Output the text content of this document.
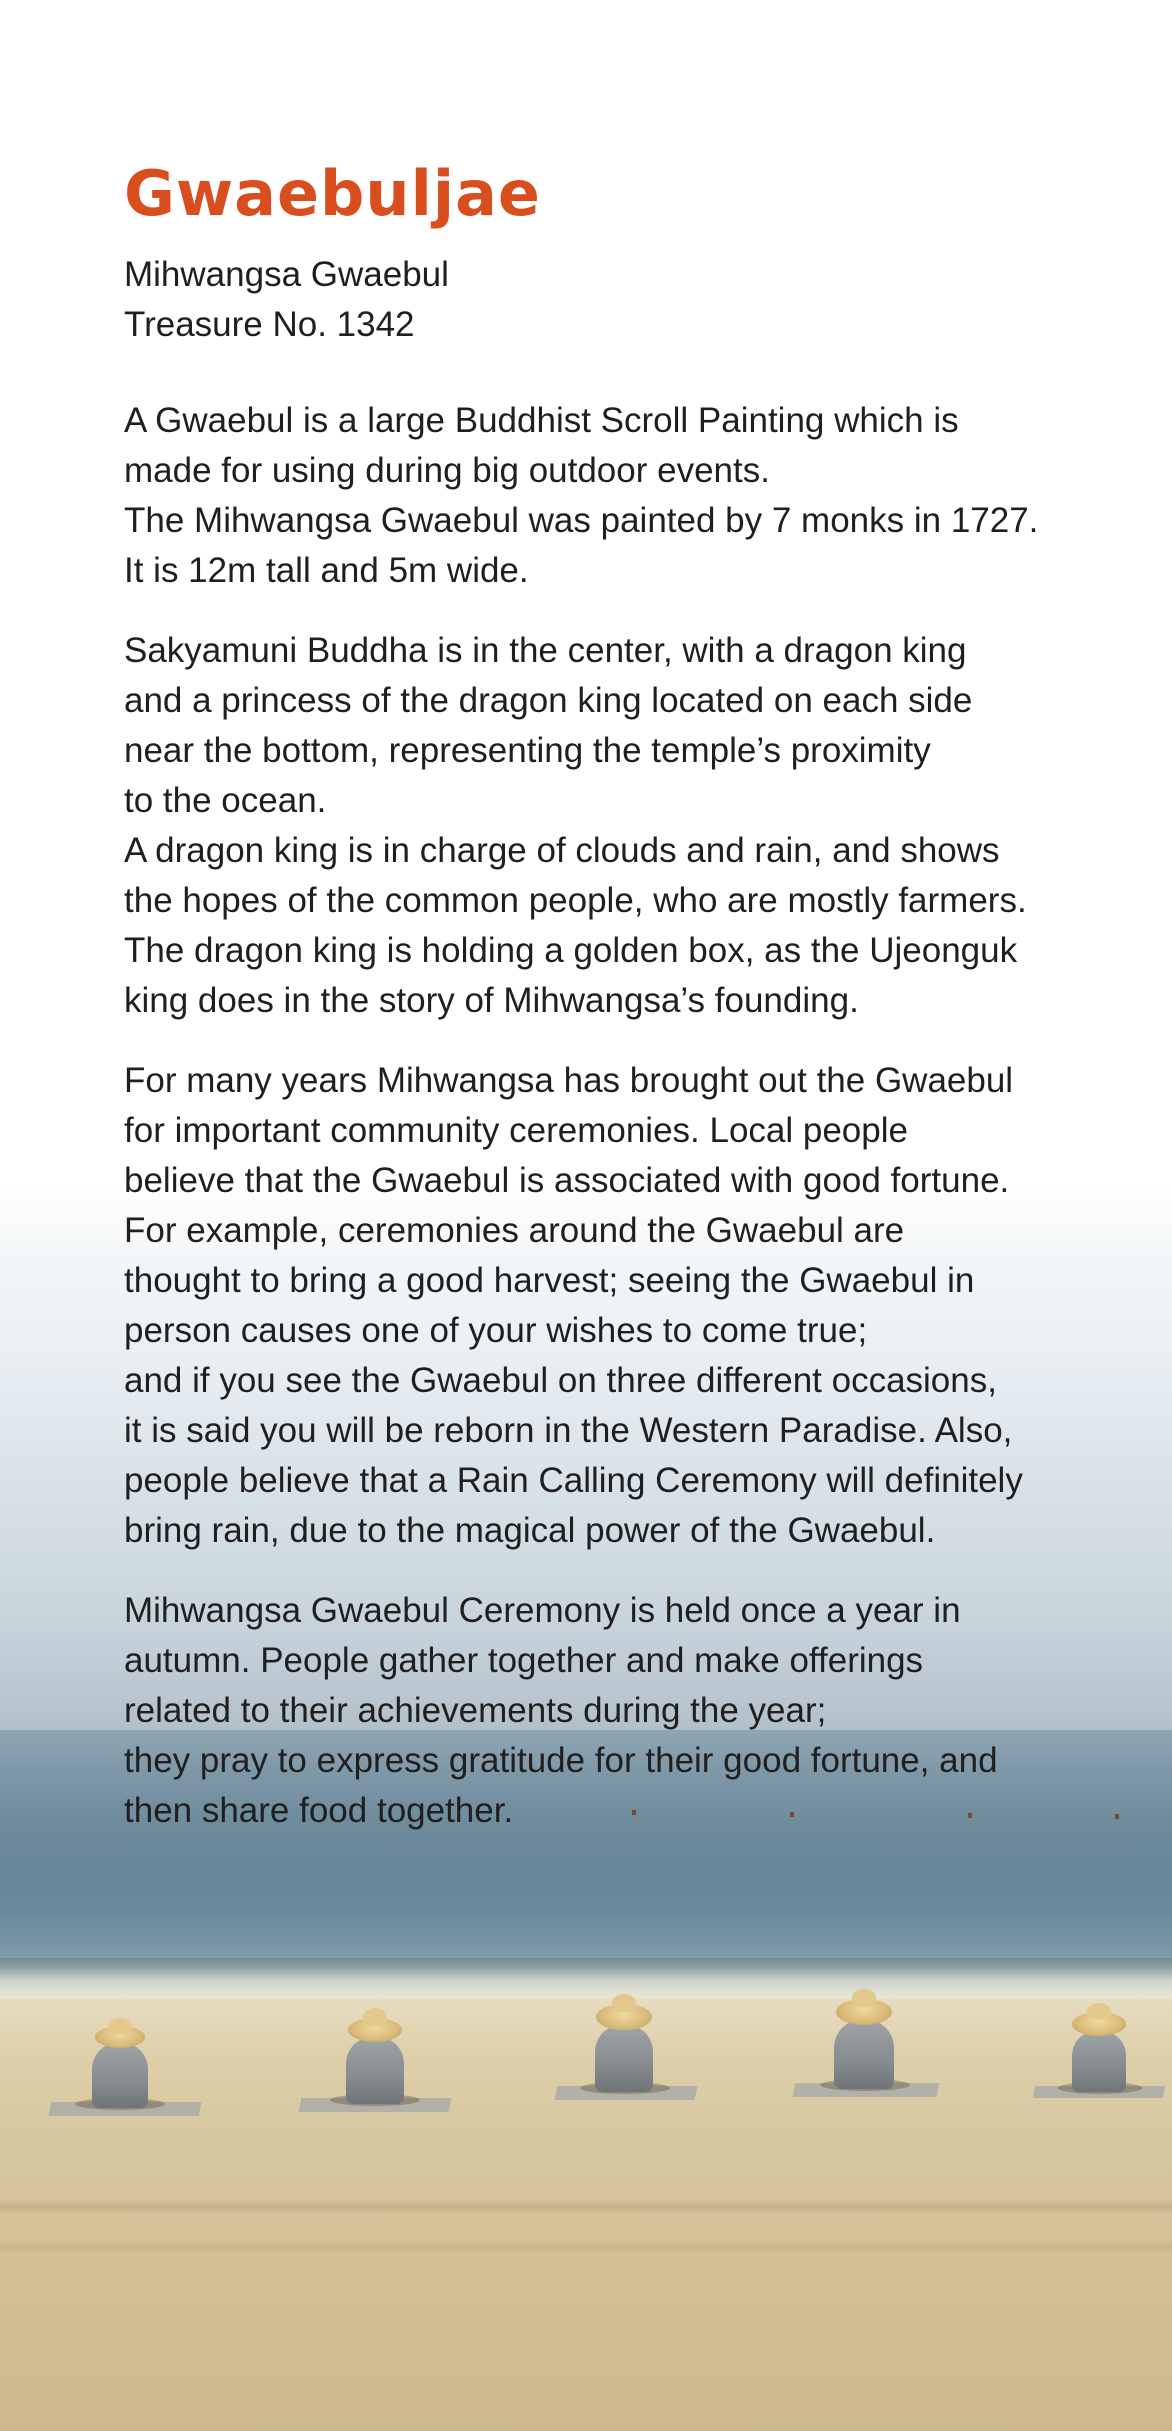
Gwaebuljae
Mihwangsa Gwaebul
Treasure No. 1342
A Gwaebul is a large Buddhist Scroll Painting which is
made for using during big outdoor events.
The Mihwangsa Gwaebul was painted by 7 monks in 1727.
It is 12m tall and 5m wide.
Sakyamuni Buddha is in the center, with a dragon king
and a princess of the dragon king located on each side
near the bottom, representing the temple’s proximity
to the ocean.
A dragon king is in charge of clouds and rain, and shows
the hopes of the common people, who are mostly farmers.
The dragon king is holding a golden box, as the Ujeonguk
king does in the story of Mihwangsa’s founding.
For many years Mihwangsa has brought out the Gwaebul
for important community ceremonies. Local people
believe that the Gwaebul is associated with good fortune.
For example, ceremonies around the Gwaebul are
thought to bring a good harvest; seeing the Gwaebul in
person causes one of your wishes to come true;
and if you see the Gwaebul on three different occasions,
it is said you will be reborn in the Western Paradise. Also,
people believe that a Rain Calling Ceremony will definitely
bring rain, due to the magical power of the Gwaebul.
Mihwangsa Gwaebul Ceremony is held once a year in
autumn. People gather together and make offerings
related to their achievements during the year;
they pray to express gratitude for their good fortune, and
then share food together.
